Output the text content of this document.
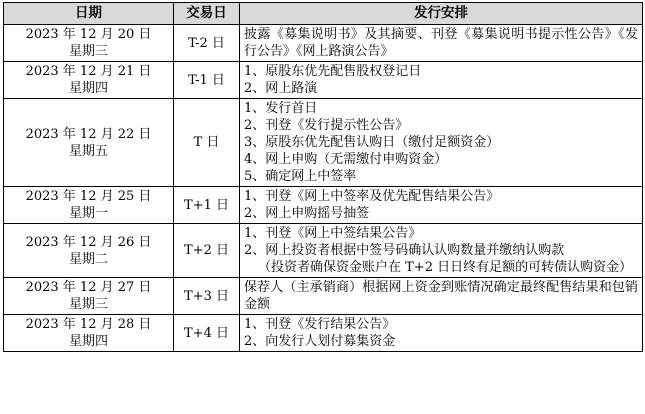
日期	交易日	发行安排

2023 年 12 月 20 日
星期三	T-2 日	披露《募集说明书》及其摘要、刊登《募集说明书提示性公告》《发行公告》《网上路演公告》

2023 年 12 月 21 日
星期四	T-1 日	1、原股东优先配售股权登记日
2、网上路演

2023 年 12 月 22 日
星期五	T 日	1、发行首日
2、刊登《发行提示性公告》
3、原股东优先配售认购日（缴付足额资金）
4、网上申购（无需缴付申购资金）
5、确定网上中签率

2023 年 12 月 25 日
星期一	T+1 日	1、刊登《网上中签率及优先配售结果公告》
2、网上申购摇号抽签

2023 年 12 月 26 日
星期二	T+2 日	1、刊登《网上中签结果公告》
2、网上投资者根据中签号码确认认购数量并缴纳认购款
（投资者确保资金账户在 T+2 日日终有足额的可转债认购资金）

2023 年 12 月 27 日
星期三	T+3 日	保荐人（主承销商）根据网上资金到账情况确定最终配售结果和包销金额

2023 年 12 月 28 日
星期四	T+4 日	1、刊登《发行结果公告》
2、向发行人划付募集资金
